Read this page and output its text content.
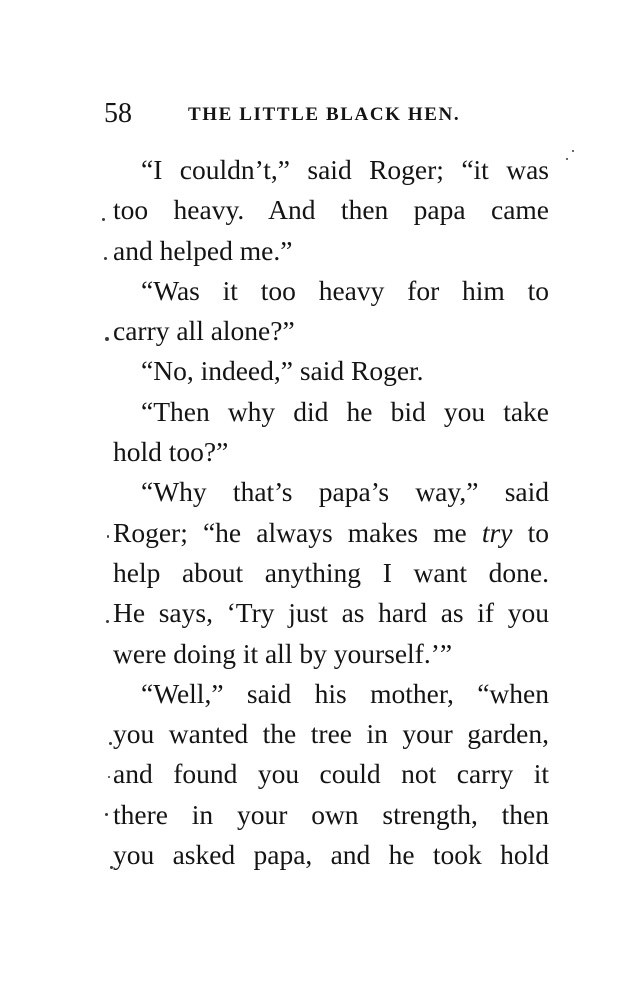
58	THE LITTLE BLACK HEN.
“I couldn’t,” said Roger; “it was
too heavy. And then papa came
and helped me.”
“Was it too heavy for him to
carry all alone?”
“No, indeed,” said Roger.
“Then why did he bid you take
hold too?”
“Why that’s papa’s way,” said
Roger; “he always makes me try to
help about anything I want done.
He says, ‘Try just as hard as if you
were doing it all by yourself.’”
“Well,” said his mother, “when
you wanted the tree in your garden,
and found you could not carry it
there in your own strength, then
you asked papa, and he took hold
